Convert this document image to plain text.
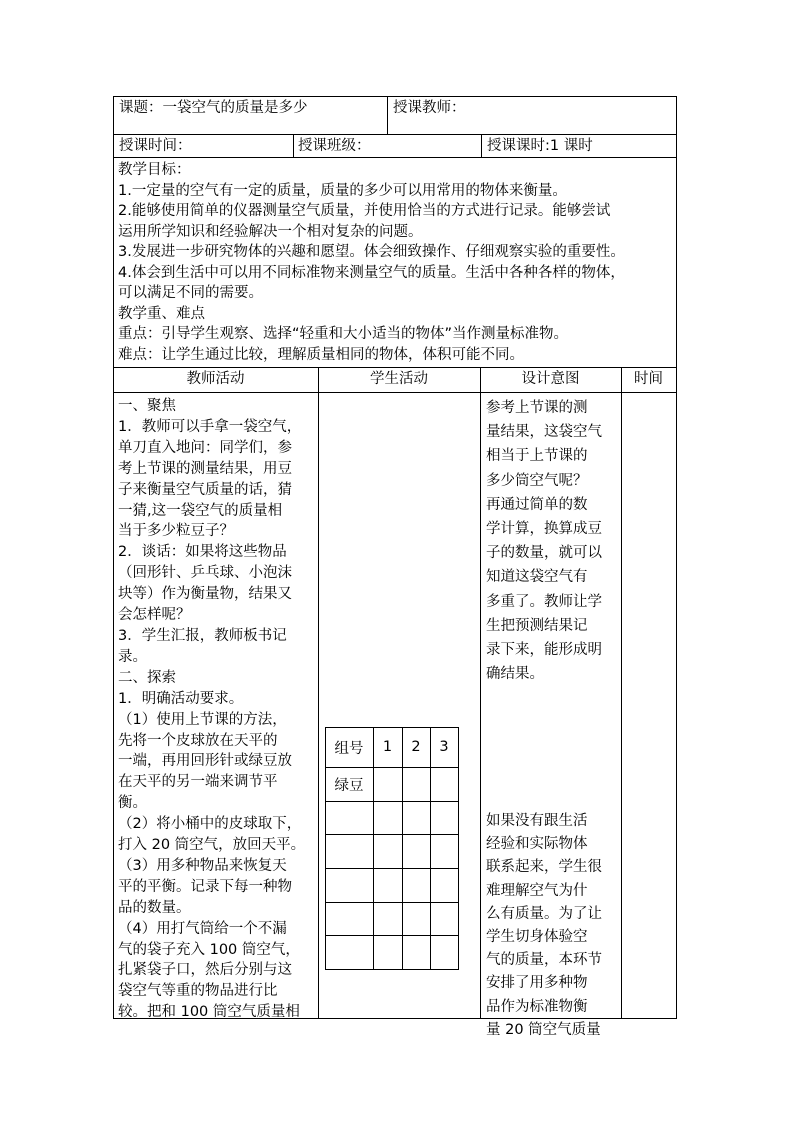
课题：一袋空气的质量是多少	授课教师：
授课时间：	授课班级：	授课课时:1 课时
教学目标：
1.一定量的空气有一定的质量，质量的多少可以用常用的物体来衡量。
2.能够使用简单的仪器测量空气质量，并使用恰当的方式进行记录。能够尝试
运用所学知识和经验解决一个相对复杂的问题。
3.发展进一步研究物体的兴趣和愿望。体会细致操作、仔细观察实验的重要性。
4.体会到生活中可以用不同标准物来测量空气的质量。生活中各种各样的物体，
可以满足不同的需要。
教学重、难点
重点：引导学生观察、选择“轻重和大小适当的物体”当作测量标准物。
难点：让学生通过比较，理解质量相同的物体，体积可能不同。
教师活动	学生活动	设计意图	时间
一、聚焦
1．教师可以手拿一袋空气，
单刀直入地问：同学们，参
考上节课的测量结果，用豆
子来衡量空气质量的话，猜
一猜,这一袋空气的质量相
当于多少粒豆子？
2．谈话：如果将这些物品
（回形针、乒乓球、小泡沫
块等）作为衡量物，结果又
会怎样呢？
3．学生汇报，教师板书记
录。
二、探索
1．明确活动要求。
（1）使用上节课的方法，
先将一个皮球放在天平的
一端，再用回形针或绿豆放
在天平的另一端来调节平
衡。
（2）将小桶中的皮球取下，
打入 20 筒空气，放回天平。
（3）用多种物品来恢复天
平的平衡。记录下每一种物
品的数量。
（4）用打气筒给一个不漏
气的袋子充入 100 筒空气，
扎紧袋子口，然后分别与这
袋空气等重的物品进行比
较。把和 100 筒空气质量相
参考上节课的测
量结果，这袋空气
相当于上节课的
多少筒空气呢？
再通过简单的数
学计算，换算成豆
子的数量，就可以
知道这袋空气有
多重了。教师让学
生把预测结果记
录下来，能形成明
确结果。
如果没有跟生活
经验和实际物体
联系起来，学生很
难理解空气为什
么有质量。为了让
学生切身体验空
气的质量，本环节
安排了用多种物
品作为标准物衡
量 20 筒空气质量
组号	1	2	3
绿豆
